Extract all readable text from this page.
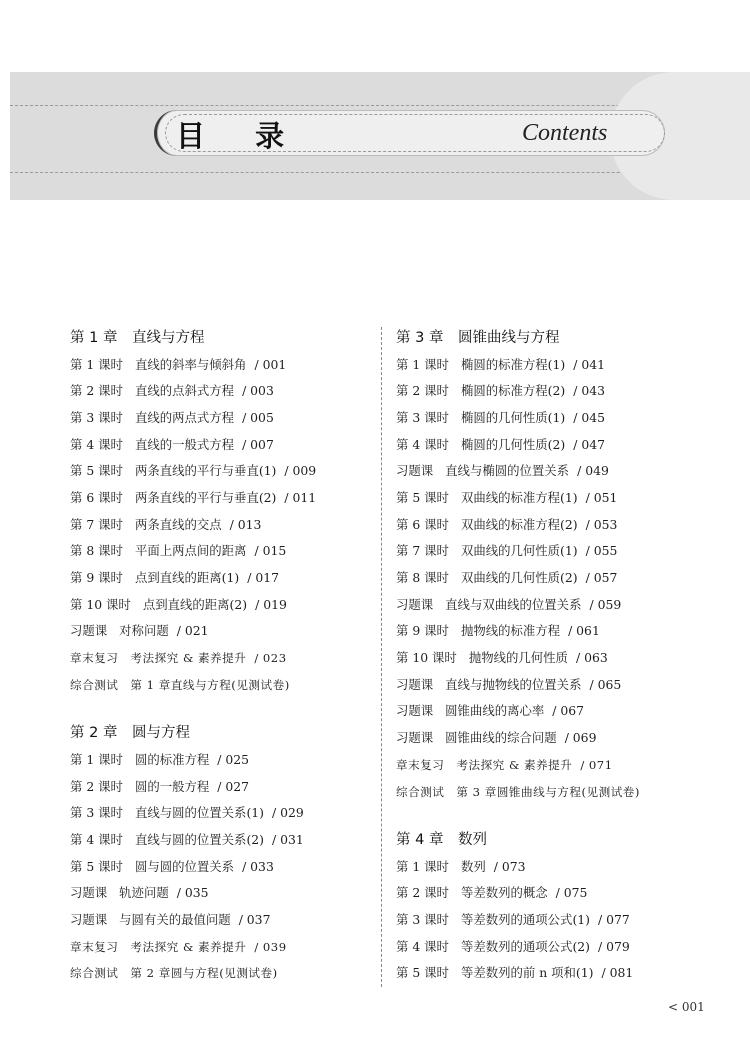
目 录	Contents
第 1 章　直线与方程
第 1 课时 直线的斜率与倾斜角 / 001
第 2 课时 直线的点斜式方程 / 003
第 3 课时 直线的两点式方程 / 005
第 4 课时 直线的一般式方程 / 007
第 5 课时 两条直线的平行与垂直(1) / 009
第 6 课时 两条直线的平行与垂直(2) / 011
第 7 课时 两条直线的交点 / 013
第 8 课时 平面上两点间的距离 / 015
第 9 课时 点到直线的距离(1) / 017
第 10 课时 点到直线的距离(2) / 019
习题课 对称问题 / 021
章末复习 考法探究 & 素养提升 / 023
综合测试 第 1 章直线与方程(见测试卷)
第 2 章　圆与方程
第 1 课时 圆的标准方程 / 025
第 2 课时 圆的一般方程 / 027
第 3 课时 直线与圆的位置关系(1) / 029
第 4 课时 直线与圆的位置关系(2) / 031
第 5 课时 圆与圆的位置关系 / 033
习题课 轨迹问题 / 035
习题课 与圆有关的最值问题 / 037
章末复习 考法探究 & 素养提升 / 039
综合测试 第 2 章圆与方程(见测试卷)
第 3 章　圆锥曲线与方程
第 1 课时 椭圆的标准方程(1) / 041
第 2 课时 椭圆的标准方程(2) / 043
第 3 课时 椭圆的几何性质(1) / 045
第 4 课时 椭圆的几何性质(2) / 047
习题课 直线与椭圆的位置关系 / 049
第 5 课时 双曲线的标准方程(1) / 051
第 6 课时 双曲线的标准方程(2) / 053
第 7 课时 双曲线的几何性质(1) / 055
第 8 课时 双曲线的几何性质(2) / 057
习题课 直线与双曲线的位置关系 / 059
第 9 课时 抛物线的标准方程 / 061
第 10 课时 抛物线的几何性质 / 063
习题课 直线与抛物线的位置关系 / 065
习题课 圆锥曲线的离心率 / 067
习题课 圆锥曲线的综合问题 / 069
章末复习 考法探究 & 素养提升 / 071
综合测试 第 3 章圆锥曲线与方程(见测试卷)
第 4 章　数列
第 1 课时 数列 / 073
第 2 课时 等差数列的概念 / 075
第 3 课时 等差数列的通项公式(1) / 077
第 4 课时 等差数列的通项公式(2) / 079
第 5 课时 等差数列的前 n 项和(1) / 081
< 001
